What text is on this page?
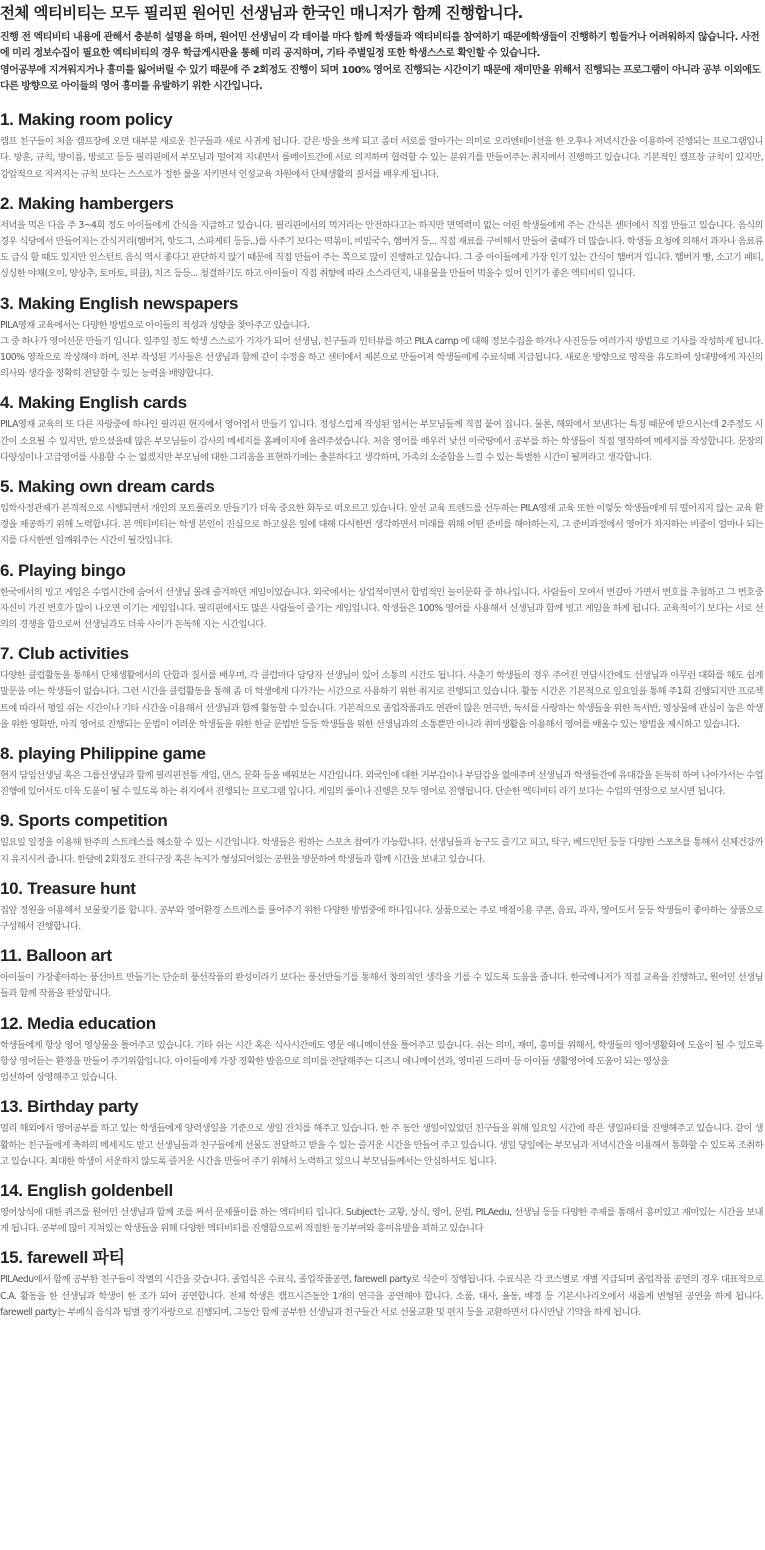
전체 엑티비티는 모두 필리핀 원어민 선생님과 한국인 매니저가 함께 진행합니다.

진행 전 엑티비티 내용에 관해서 충분히 설명을 하며, 원어민 선생님이 각 테이블 마다 함께 학생들과 엑티비티를 참여하기 때문에학생들이 진행하기 힘들거나 어려워하지 않습니다. 사전에 미리 정보수집이 필요한 엑티비티의 경우 학급게시판을 통해 미리 공지하며, 기타 주별일정 또한 학생스스로 확인할 수 있습니다.

영어공부에 지겨워지거나 흥미를 잃어버릴 수 있기 때문에 주 2회정도 진행이 되며 100% 영어로 진행되는 시간이기 때문에 재미만을 위해서 진행되는 프로그램이 아니라 공부 이외에도 다른 방향으로 아이들의 영어 흥미를 유발하기 위한 시간입니다.

1. Making room policy

캠프 친구들이 처음 캠프장에 오면 대부분 새로운 친구들과 새로 사귀게 됩니다. 같은 방을 쓰게 되고 좀더 서로를 알아가는 의미로 오리엔테이션을 한 오후나 저녁시간을 이용하여 진행되는 프로그램입니다. 방훈, 규칙, 방이름, 방로고 등등 필리핀에서 부모님과 떨어져 지내면서 룸메이트간에 서로 의지하며 협력할 수 있는 분위기를 만들어주는 취지에서 진행하고 있습니다. 기본적인 캠프장 규칙이 있지만, 강압적으로 지켜지는 규칙 보다는 스스로가 정한 룰을 지키면서 인성교육 차원에서 단체생활의 질서를 배우게 됩니다.

2. Making hambergers

저녁을 먹은 다음 주 3~4회 정도 아이들에게 간식을 지급하고 있습니다. 필리핀에서의 먹거리는 안전하다고는 하지만 면역력이 없는 어린 학생들에게 주는 간식은 센터에서 직접 만들고 있습니다. 음식의 경우 식당에서 만들어지는 간식거리(햄버거, 핫도그, 스파게티 등등..)를 사주기 보다는 떡볶이, 비빔국수, 햄버거 등... 직접 재료를 구비해서 만들어 줄때가 더 많습니다. 학생들 요청에 의해서 과자나 음료류도 급식 할 때도 있지만 인스턴트 음식 역시 좋다고 판단하지 않기 때문에 직접 만들어 주는 쪽으로 많이 진행하고 있습니다. 그 중 아이들에게 가장 인기 있는 간식이 햄버거 입니다. 햄버거 빵, 소고기 패티, 싱싱한 야채(오이, 양상추, 토마토, 피클), 치즈 등등... 청결하기도 하고 아이들이 직접 취향에 따라 소스라던지, 내용물을 만들어 먹을수 있어 인기가 좋은 엑티비티 입니다.

3. Making English newspapers

PILA영재 교육에서는 다양한 방법으로 아이들의 적성과 성향을 찾아주고 있습니다.

그 중 하나가 영어신문 만들기 입니다. 일주일 정도 학생 스스로가 기자가 되어 선생님, 친구들과 인터뷰를 하고 PILA camp 에 대해 정보수집을 하거나 사진등등 여러가지 방법으로 기사를 작성하게 됩니다. 100% 영작으로 작성해야 하며, 전부 작성된 기사들은 선생님과 함께 같이 수정을 하고 센터에서 제본으로 만들어져 학생들에게 수료식때 지급됩니다. 새로운 방향으로 영작을 유도하여 상대방에게 자신의 의사와 생각을 정확히 전달할 수 있는 능력을 배양합니다.

4. Making English cards

PILA영재 교육의 또 다른 자랑중에 하나인 필리핀 현지에서 영어엽서 만들기 입니다. 정성스럽게 작성된 엽서는 부모님들께 직접 붙여 집니다. 물론, 해외에서 보낸다는 특징 때문에 받으시는데 2주정도 시간이 소요될 수 있지만, 받으셨을때 많은 부모님들이 감사의 메세지를 홈페이지에 올려주셨습니다. 처음 영어를 배우러 낯선 이국땅에서 공부를 하는 학생들이 직접 영작하여 메세지를 작성합니다. 문장의 다양성이나 고급영어를 사용할 수 는 없겠지만 부모님에 대한 그리움을 표현하기에는 충분하다고 생각하며, 가족의 소중함을 느낄 수 있는 특별한 시간이 될꺼라고 생각합니다.

5. Making own dream cards

입학사정관제가 본격적으로 시행되면서 개인의 포트폴리오 만들기가 더욱 중요한 화두로 떠오르고 있습니다. 앞선 교육 트렌드를 선두하는 PILA영재 교육 또한 이렇듯 학생들에게 뒤 떨어지지 않는 교육 환경을 제공하기 위해 노력합니다. 본 엑티비티는 학생 본인이 진심으로 하고싶은 일에 대해 다시한번 생각하면서 미래를 위해 어떤 준비를 해야하는지, 그 준비과정에서 영어가 차지하는 비중이 얼마나 되는지를 다시한번 일깨워주는 시간이 될것입니다.

6. Playing bingo

한국에서의 빙고 게임은 수업시간에 숨어서 선생님 몰래 즐겨하던 게임이었습니다. 외국에서는 상업적이면서 합법적인 놀이문화 중 하나입니다. 사람들이 모여서 번갈아 가면서 번호를 추첨하고 그 번호중 자신이 가진 번호가 많이 나오면 이기는 게임입니다. 필리핀에서도 많은 사람들이 즐기는 게임입니다. 학생들은 100% 영어를 사용해서 선생님과 함께 빙고 게임을 하게 됩니다. 교육적이기 보다는 서로 선의의 경쟁을 함으로써 선생님과도 더욱 사이가 돈독해 지는 시간입니다.

7. Club activities

다양한 클럽활동을 통해서 단체생활에서의 단합과 질서를 배우며, 각 클럽마다 담당자 선생님이 있어 소통의 시간도 됩니다. 사춘기 학생들의 경우 주어진 면담시간에도 선생님과 아무런 대화를 해도 쉽게 말문을 여는 학생들이 없습니다. 그런 시간을 클럽활동을 통해 좀 더 학생에게 다가가는 시간으로 사용하기 위한 취지로 진행되고 있습니다. 활동 시간은 기본적으로 일요일을 통해 주1회 진행되지만 프로젝트에 따라서 평일 쉬는 시간이나 기타 시간을 이용해서 선생님과 함께 활동할 수 있습니다. 기본적으로 졸업작품과도 연관이 많은 연극반, 독서를 사랑하는 학생들을 위한 독서반, 영상물에 관심이 높은 학생을 위한 영화반, 아직 영어로 진행되는 문법이 어려운 학생들을 위한 한글 문법반 등등 학생들을 위한 선생님과의 소통뿐만 아니라 취미생활을 이용해서 영어를 배울수 있는 방법을 제시하고 있습니다.

8. playing Philippine game

현지 담임선생님 혹은 그룹선생님과 함께 필리핀전통 게임, 댄스, 문화 등을 배워보는 시간입니다. 외국인에 대한 거부감이나 부담감을 없애주며 선생님과 학생들간에 유대감을 돈독히 하여 나아가서는 수업진행에 있어서도 더욱 도움이 될 수 있도록 하는 취지에서 진행되는 프로그램 입니다. 게임의 룰이나 진행은 모두 영어로 진행됩니다. 단순한 엑티비티 라기 보다는 수업의 연장으로 보시면 됩니다.

9. Sports competition

일요일 일정을 이용해 한주의 스트레스를 해소할 수 있는 시간입니다. 학생들은 원하는 스포츠 참여가 가능합니다. 선생님들과 농구도 즐기고 피고, 탁구, 베드민턴 등등 다양한 스포츠를 통해서 신체건강까지 유지시켜 줍니다. 한달에 2회정도 잔디구장 혹은 녹지가 형성되어있는 공원을 방문하여 학생들과 함께 시간을 보내고 있습니다.

10. Treasure hunt

집앞 정원을 이용해서 보물찾기를 합니다. 공부와 영어환경 스트레스를 풀어주기 위한 다양한 방법중에 하나입니다. 상품으로는 주로 매점이용 쿠폰, 음료, 과자, 영어도서 등등 학생들이 좋아하는 상품으로 구성해서 진행합니다.

11. Balloon art

아이들이 가장좋아하는 풍선아트 만들기는 단순히 풍선작품의 완성이라기 보다는 풍선만들기를 통해서 창의적인 생각을 기를 수 있도록 도움을 줍니다. 한국메니저가 직접 교육을 진행하고, 원어민 선생님들과 함께 작품을 완성합니다.

12. Media education

학생들에게 항상 영어 영상물을 틀어주고 있습니다. 기타 쉬는 시간 혹은 식사시간에도 영문 애니메이션을 틀어주고 있습니다. 쉬는 의미, 재미, 흥미를 위해서, 학생들의 영어생활화에 도움이 될 수 있도록 항상 영어듣는 환경을 만들어 주기위함입니다. 아이들에게 가장 정확한 발음으로 의미를 전달해주는 디즈니 애니메이션과, 영미권 드라마 등 아이들 생활영어에 도움이 되는 영상을

엄선하여 상영해주고 있습니다.

13. Birthday party

멀리 해외에서 영어공부를 하고 있는 학생들에게 양력생일을 기준으로 생일 잔치를 해주고 있습니다. 한 주 동안 생일이있었던 친구들을 위해 일요일 시간에 작은 생일파티를 진행해주고 있습니다. 같이 생활하는 친구들에게 축하의 메세지도 받고 선생님들과 친구들에게 선물도 전달하고 받을 수 있는 즐거운 시간을 만들어 주고 있습니다. 생일 당일에는 부모님과 저녁시간을 이용해서 통화할 수 있도록 조취하고 있습니다. 최대한 학생이 서운하지 않도록 즐거운 시간을 만들어 주기 위해서 노력하고 있으니 부모님들께서는 안심하셔도 됩니다.

14. English goldenbell

영어상식에 대한 퀴즈를 원어민 선생님과 함께 조를 짜서 문제풀이를 하는 엑티비티 입니다. Subject는 교황, 상식, 영어, 문법, PILAedu, 선생님 등등 다양한 주제를 통해서 흥미있고 재미있는 시간을 보내게 됩니다. 공부에 많이 지쳐있는 학생들을 위해 다양한 엑티비티를 진행함으로써 적절한 동기부여와 흥미유발을 꾀하고 있습니다

15. farewell 파티

PILAedu에서 함께 공부한 친구들이 작별의 시간을 갖습니다. 졸업식은 수료식, 졸업작품공연, farewell party로 식순이 징행됩니다. 수료식은 각 코스별로 개별 지급되며 졸업작품 공연의 경우 대표적으로 C.A. 활동을 한 선생님과 학생이 한 조가 되어 공연합니다. 전체 학생은 캠프시즌동안 1개의 연극을 공연해야 합니다. 소품, 대사, 율동, 배경 등 기본시나리오에서 새롭게 변형된 공연을 하게 됩니다. farewell party는 부페식 음식과 팀별 장기자랑으로 진행되며, 그동안 함께 공부한 선생님과 친구들간 서로 선물교환 및 편지 등을 교환하면서 다시만날 기약을 하게 됩니다.
